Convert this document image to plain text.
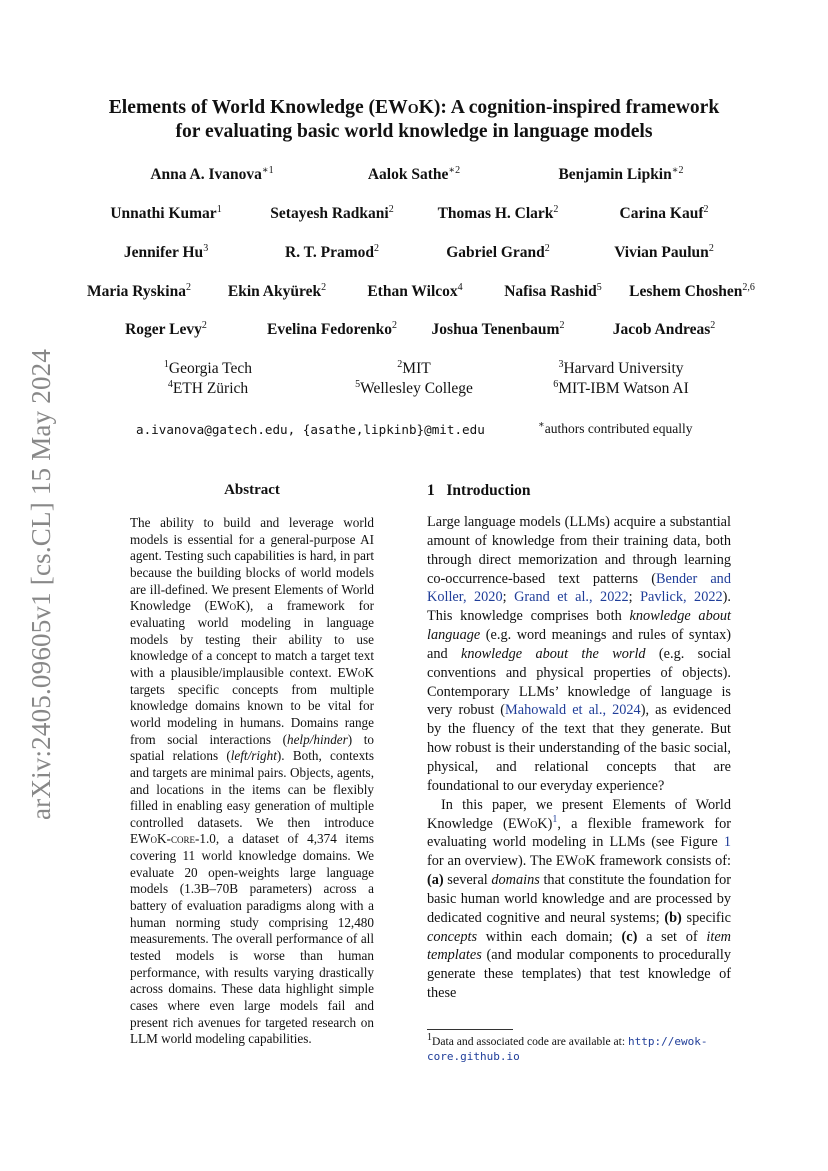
arXiv:2405.09605v1 [cs.CL] 15 May 2024
Elements of World Knowledge (EWoK): A cognition-inspired framework
for evaluating basic world knowledge in language models
Anna A. Ivanova$^{∗1}$	Aalok Sathe$^{∗2}$	Benjamin Lipkin$^{∗2}$
Unnathi Kumar$^1$	Setayesh Radkani$^2$	Thomas H. Clark$^2$	Carina Kauf$^2$
Jennifer Hu$^3$	R. T. Pramod$^2$	Gabriel Grand$^2$	Vivian Paulun$^2$
Maria Ryskina$^2$ Ekin Akyürek$^2$	Ethan Wilcox$^4$	Nafisa Rashid$^5$ Leshem Choshen$^{2,6}$
Roger Levy$^2$	Evelina Fedorenko$^2$ Joshua Tenenbaum$^2$	Jacob Andreas$^2$
$^1$Georgia Tech	$^2$MIT	$^3$Harvard University
$^4$ETH Zürich	$^5$Wellesley College	$^6$MIT-IBM Watson AI
a.ivanova@gatech.edu, {asathe,lipkinb}@mit.edu	∗authors contributed equally
Abstract
The ability to build and leverage world models is essential for a general-purpose AI agent. Testing such capabilities is hard, in part because the building blocks of world models are ill-defined. We present Elements of World Knowledge (EWoK), a framework for evaluating world modeling in language models by testing their ability to use knowledge of a concept to match a target text with a plausible/implausible context. EWoK targets specific concepts from multiple knowledge domains known to be vital for world modeling in humans. Domains range from social interactions (help/hinder) to spatial relations (left/right). Both, contexts and targets are minimal pairs. Objects, agents, and locations in the items can be flexibly filled in enabling easy generation of multiple controlled datasets. We then introduce EWoK-core-1.0, a dataset of 4,374 items covering 11 world knowledge domains. We evaluate 20 open-weights large language models (1.3B–70B parameters) across a battery of evaluation paradigms along with a human norming study comprising 12,480 measurements. The overall performance of all tested models is worse than human performance, with results varying drastically across domains. These data highlight simple cases where even large models fail and present rich avenues for targeted research on LLM world modeling capabilities.
1 Introduction

Large language models (LLMs) acquire a substantial amount of knowledge from their training data, both through direct memorization and through learning co-occurrence-based text patterns (Bender and Koller, 2020; Grand et al., 2022; Pavlick, 2022). This knowledge comprises both knowledge about language (e.g. word meanings and rules of syntax) and knowledge about the world (e.g. social conventions and physical properties of objects). Contemporary LLMs’ knowledge of language is very robust (Mahowald et al., 2024), as evidenced by the fluency of the text that they generate. But how robust is their understanding of the basic social, physical, and relational concepts that are foundational to our everyday experience?

In this paper, we present Elements of World Knowledge (EWoK)$^1$, a flexible framework for evaluating world modeling in LLMs (see Figure 1 for an overview). The EWoK framework consists of: (a) several domains that constitute the foundation for basic human world knowledge and are processed by dedicated cognitive and neural systems; (b) specific concepts within each domain; (c) a set of item templates (and modular components to procedurally generate these templates) that test knowledge of these

$^1$Data and associated code are available at: http://ewok-core.github.io
